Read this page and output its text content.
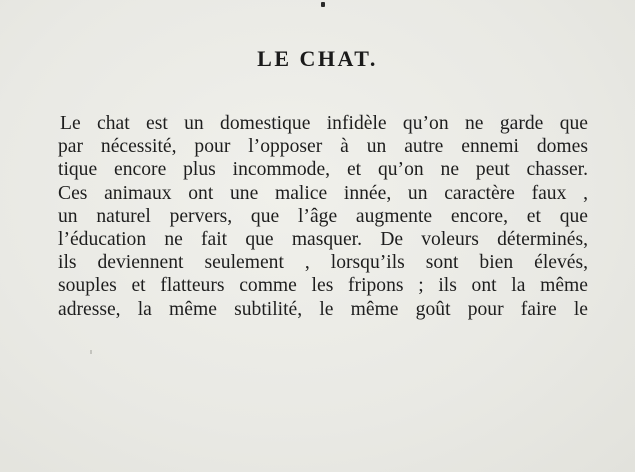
LE CHAT.

Le chat est un domestique infidèle qu’on ne garde que
par nécessité, pour l’opposer à un autre ennemi domes
tique encore plus incommode, et qu’on ne peut chasser.
Ces animaux ont une malice innée, un caractère faux ,
un naturel pervers, que l’âge augmente encore, et que
l’éducation ne fait que masquer. De voleurs déterminés,
ils deviennent seulement , lorsqu’ils sont bien élevés,
souples et flatteurs comme les fripons ; ils ont la même
adresse, la même subtilité, le même goût pour faire le
